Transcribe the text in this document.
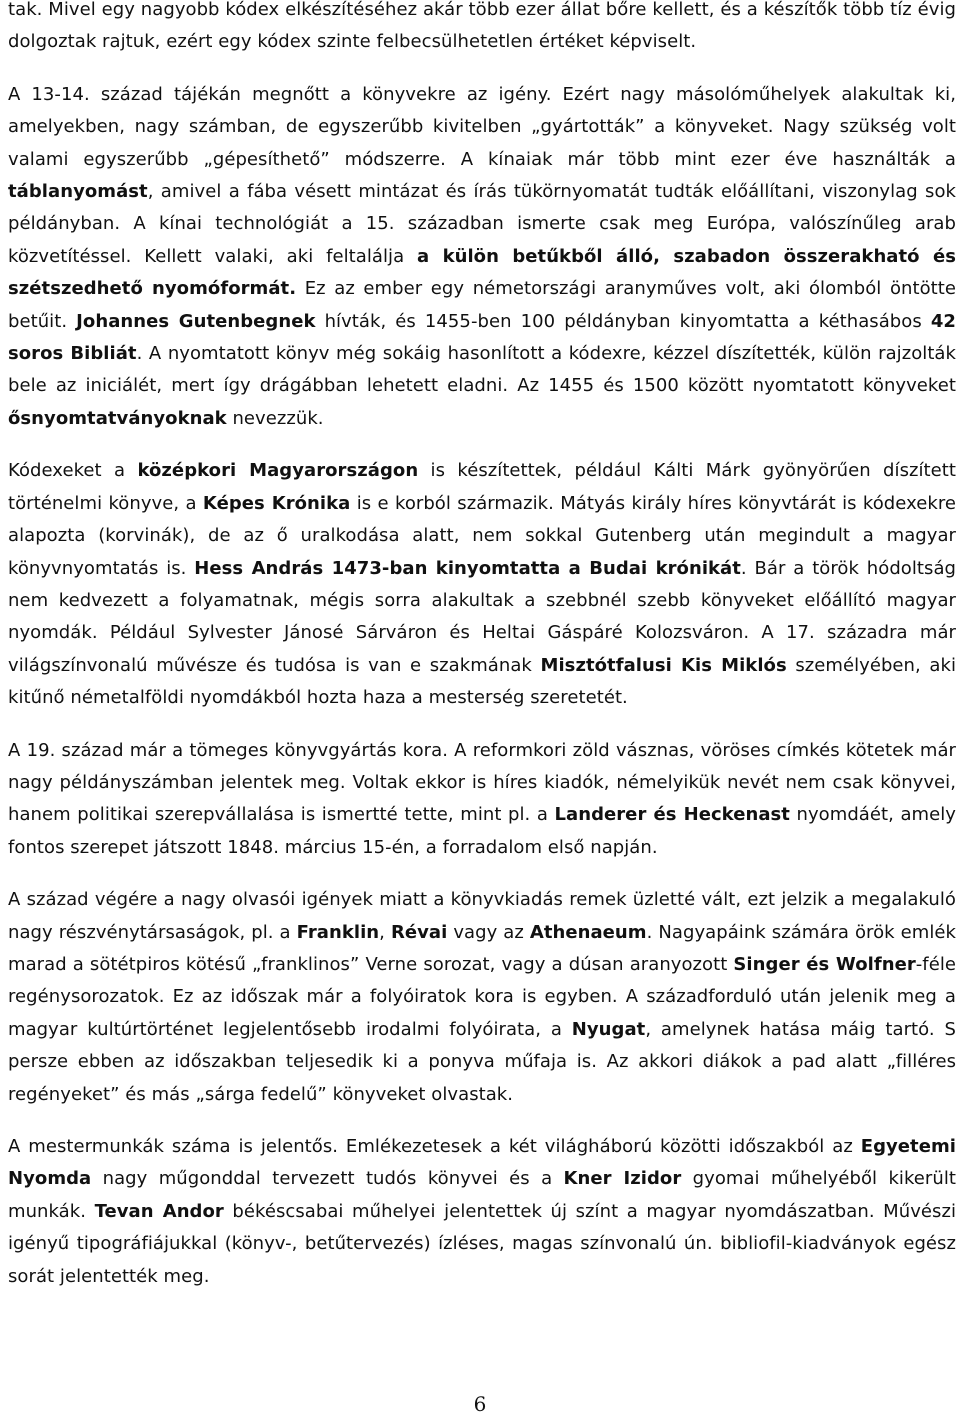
tak. Mivel egy nagyobb kódex elkészítéséhez akár több ezer állat bőre kellett, és a készítők több tíz évig dolgoztak rajtuk, ezért egy kódex szinte felbecsülhetetlen értéket képviselt.

A 13-14. század tájékán megnőtt a könyvekre az igény. Ezért nagy másolóműhelyek alakultak ki, amelyekben, nagy számban, de egyszerűbb kivitelben „gyártották” a könyveket. Nagy szükség volt valami egyszerűbb „gépesíthető” módszerre. A kínaiak már több mint ezer éve használták a táblanyomást, amivel a fába vésett mintázat és írás tükörnyomatát tudták előállítani, viszonylag sok példányban. A kínai technológiát a 15. században ismerte csak meg Európa, valószínűleg arab közvetítéssel. Kellett valaki, aki feltalálja a külön betűkből álló, szabadon összerakható és szétszedhető nyomóformát. Ez az ember egy németországi aranyműves volt, aki ólomból öntötte betűit. Johannes Gutenbegnek hívták, és 1455-ben 100 példányban kinyomtatta a kéthasábos 42 soros Bibliát. A nyomtatott könyv még sokáig hasonlított a kódexre, kézzel díszítették, külön rajzolták bele az iniciálét, mert így drágábban lehetett eladni. Az 1455 és 1500 között nyomtatott könyveket ősnyomtatványoknak nevezzük.

Kódexeket a középkori Magyarországon is készítettek, például Kálti Márk gyönyörűen díszített történelmi könyve, a Képes Krónika is e korból származik. Mátyás király híres könyvtárát is kódexekre alapozta (korvinák), de az ő uralkodása alatt, nem sokkal Gutenberg után megindult a magyar könyvnyomtatás is. Hess András 1473-ban kinyomtatta a Budai krónikát. Bár a török hódoltság nem kedvezett a folyamatnak, mégis sorra alakultak a szebbnél szebb könyveket előállító magyar nyomdák. Például Sylvester Jánosé Sárváron és Heltai Gáspáré Kolozsváron. A 17. századra már világszínvonalú művésze és tudósa is van e szakmának Misztótfalusi Kis Miklós személyében, aki kitűnő németalföldi nyomdákból hozta haza a mesterség szeretetét.

A 19. század már a tömeges könyvgyártás kora. A reformkori zöld vásznas, vöröses címkés kötetek már nagy példányszámban jelentek meg. Voltak ekkor is híres kiadók, némelyikük nevét nem csak könyvei, hanem politikai szerepvállalása is ismertté tette, mint pl. a Landerer és Heckenast nyomdáét, amely fontos szerepet játszott 1848. március 15-én, a forradalom első napján.

A század végére a nagy olvasói igények miatt a könyvkiadás remek üzletté vált, ezt jelzik a megalakuló nagy részvénytársaságok, pl. a Franklin, Révai vagy az Athenaeum. Nagyapáink számára örök emlék marad a sötétpiros kötésű „franklinos” Verne sorozat, vagy a dúsan aranyozott Singer és Wolfner-féle regénysorozatok. Ez az időszak már a folyóiratok kora is egyben. A századforduló után jelenik meg a magyar kultúrtörténet legjelentősebb irodalmi folyóirata, a Nyugat, amelynek hatása máig tartó. S persze ebben az időszakban teljesedik ki a ponyva műfaja is. Az akkori diákok a pad alatt „filléres regényeket” és más „sárga fedelű” könyveket olvastak.

A mestermunkák száma is jelentős. Emlékezetesek a két világháború közötti időszakból az Egyetemi Nyomda nagy műgonddal tervezett tudós könyvei és a Kner Izidor gyomai műhelyéből kikerült munkák. Tevan Andor békéscsabai műhelyei jelentettek új színt a magyar nyomdászatban. Művészi igényű tipográfiájukkal (könyv-, betűtervezés) ízléses, magas színvonalú ún. bibliofil-kiadványok egész sorát jelentették meg.

6
